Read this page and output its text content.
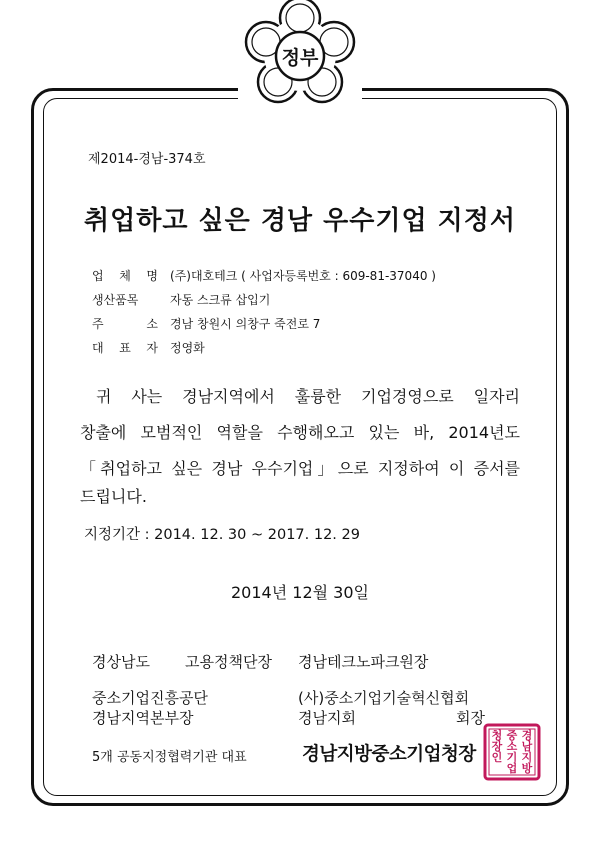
정부
제2014-경남-374호
취업하고 싶은 경남 우수기업 지정서
업 체 명 (주)대호테크 ( 사업자등록번호 : 609-81-37040 )
생산품목	자동 스크류 삽입기
주 소 경남 창원시 의창구 죽전로 7
대 표 자 정영화
귀 사는 경남지역에서 훌륭한 기업경영으로 일자리
창출에 모범적인 역할을 수행해오고 있는 바, 2014년도
「취업하고 싶은 경남 우수기업」으로 지정하여 이 증서를
드립니다.
지정기간 : 2014. 12. 30 ~ 2017. 12. 29
2014년 12월 30일
경상남도 고용정책단장 경남테크노파크원장
중소기업진흥공단
경남지역본부장
(사)중소기업기술혁신협회
경남지회	회장
5개 공동지정협력기관 대표	경남지방중소기업청장
경
남
지
방
중
소
기
업
청
장
인
